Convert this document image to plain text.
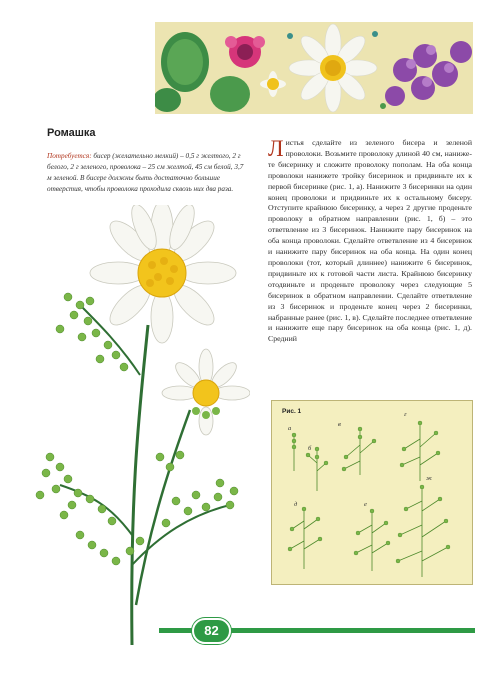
Ромашка

Потребуется: бисер (желательно мелкий) – 0,5 г желтого, 2 г белого, 2 г зеленого, проволока – 25 см желтой, 45 см белой, 3,7 м зеленой. В бисере должны быть достаточно большие отверстия, чтобы проволока проходила сквозь них два раза.

Листья сделайте из зеленого бисера и зеленой проволоки. Возьмите проволоку длиной 40 см, нанижете бисеринку и сложите проволоку пополам. На оба конца проволоки нанижете тройку бисеринок и придвиньте их к первой бисеринке (рис. 1, а). Нанижите 3 бисеринки на один конец проволоки и придвиньте их к остальному бисеру. Отступите крайнюю бисеринку, а через 2 другие проденьте проволоку в обратном направлении (рис. 1, б) – это ответвление из 3 бисеринок. Нанижите пару бисеринок на оба конца проволоки. Сделайте ответвление из 4 бисеринок и нанижите пару бисеринок на оба конца. На один конец проволоки (тот, который длиннее) нанижите 6 бисеринок, придвиньте их к готовой части листа. Крайнюю бисеринку отодвиньте и проденьте проволоку через следующие 5 бисеринок в обратном направлении. Сделайте ответвление из 3 бисеринок и проденьте конец через 2 бисеринки, набранные ранее (рис. 1, в). Сделайте последнее ответвление и нанижите еще пару бисеринок на оба конца (рис. 1, д). Средний

Рис. 1
а
б
в
г
д	е
ж
82
